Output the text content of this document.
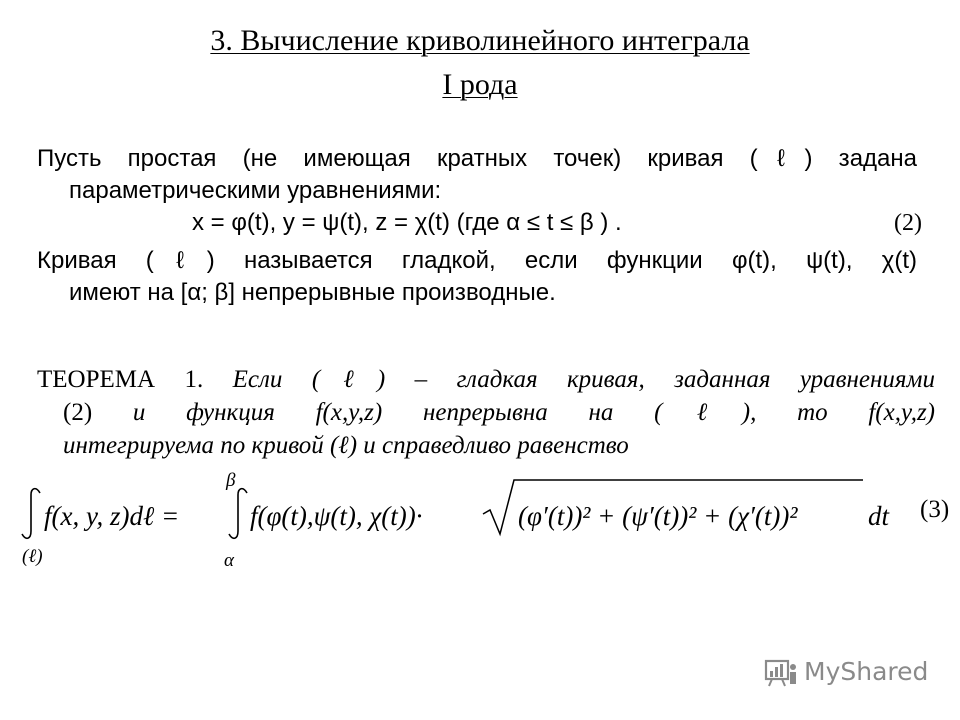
3. Вычисление криволинейного интеграла
I рода
Пусть простая (не имеющая кратных точек) кривая (ℓ) задана
параметрическими уравнениями:
x = φ(t), y = ψ(t), z = χ(t) (где α ≤ t ≤ β ) .	(2)
Кривая (ℓ) называется гладкой, если функции φ(t), ψ(t), χ(t)
имеют на [α; β] непрерывные производные.
ТЕОРЕМА 1. Если (ℓ) – гладкая кривая, заданная уравнениями
(2) и функция f(x,y,z) непрерывна на (ℓ), то f(x,y,z)
интегрируема по кривой (ℓ) и справедливо равенство
(ℓ)
f(x, y, z)dℓ =
β
α
f(φ(t),ψ(t), χ(t))·	(φ′(t))² + (ψ′(t))² + (χ′(t))²	dt (3)
MyShared
